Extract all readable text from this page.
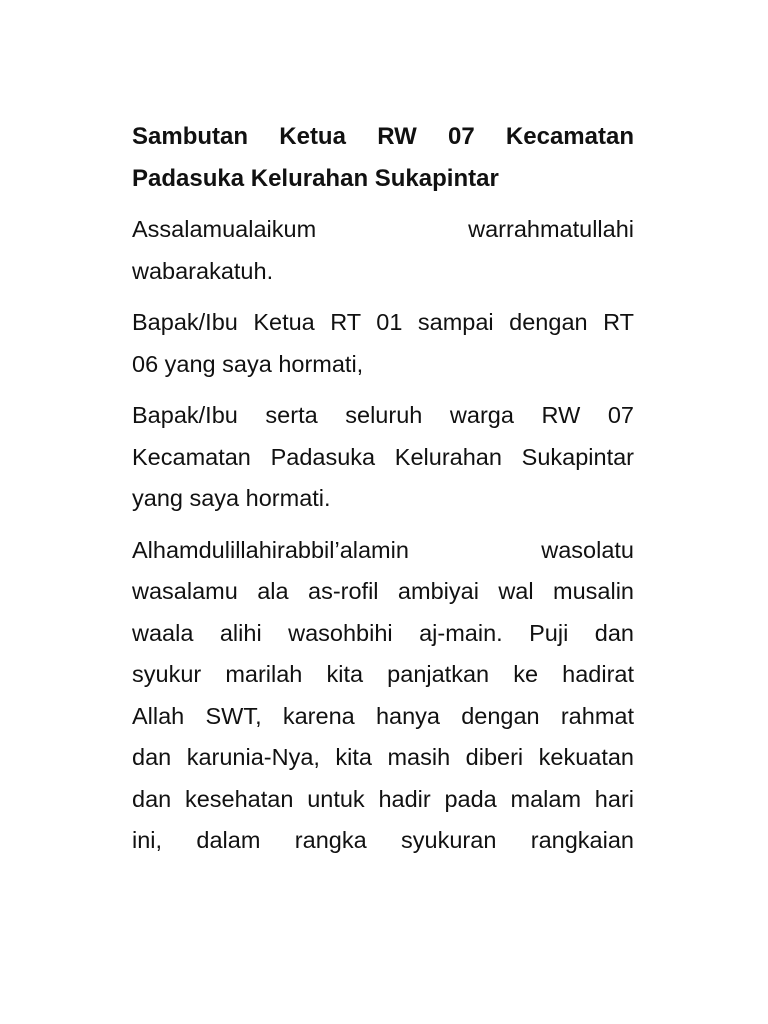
Sambutan Ketua RW 07 Kecamatan
Padasuka Kelurahan Sukapintar
Assalamualaikum warrahmatullahi
wabarakatuh.
Bapak/Ibu Ketua RT 01 sampai dengan RT
06 yang saya hormati,
Bapak/Ibu serta seluruh warga RW 07
Kecamatan Padasuka Kelurahan Sukapintar
yang saya hormati.
Alhamdulillahirabbil’alamin wasolatu
wasalamu ala as-rofil ambiyai wal musalin
waala alihi wasohbihi aj-main. Puji dan
syukur marilah kita panjatkan ke hadirat
Allah SWT, karena hanya dengan rahmat
dan karunia-Nya, kita masih diberi kekuatan
dan kesehatan untuk hadir pada malam hari
ini, dalam rangka syukuran rangkaian
